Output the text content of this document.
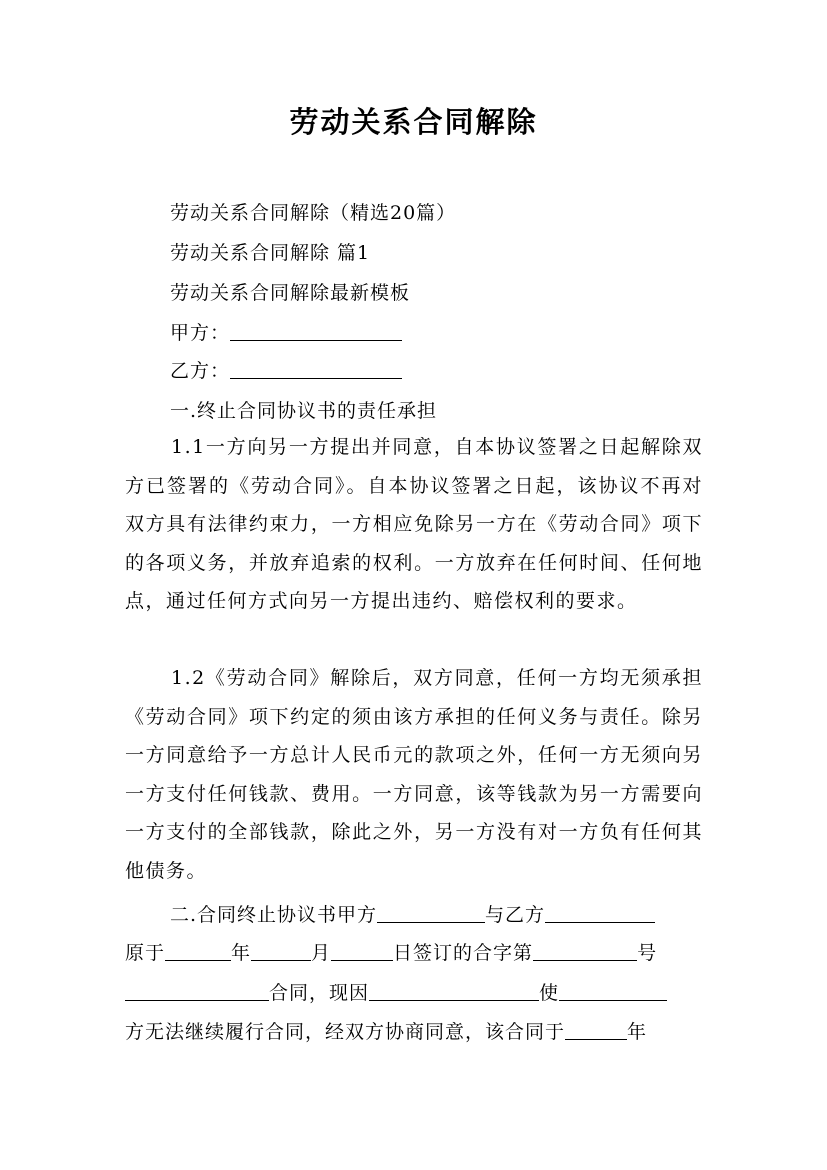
劳动关系合同解除
劳动关系合同解除（精选20篇）
劳动关系合同解除 篇1
劳动关系合同解除最新模板
甲方：
乙方：
一.终止合同协议书的责任承担
1.1一方向另一方提出并同意，自本协议签署之日起解除双方已签署的《劳动合同》。自本协议签署之日起，该协议不再对双方具有法律约束力，一方相应免除另一方在《劳动合同》项下的各项义务，并放弃追索的权利。一方放弃在任何时间、任何地点，通过任何方式向另一方提出违约、赔偿权利的要求。
1.2《劳动合同》解除后，双方同意，任何一方均无须承担《劳动合同》项下约定的须由该方承担的任何义务与责任。除另一方同意给予一方总计人民币元的款项之外，任何一方无须向另一方支付任何钱款、费用。一方同意，该等钱款为另一方需要向一方支付的全部钱款，除此之外，另一方没有对一方负有任何其他债务。
二.合同终止协议书甲方	与乙方
原于	年	月	日签订的合字第	号
合同，现因	使
方无法继续履行合同，经双方协商同意，该合同于	年
